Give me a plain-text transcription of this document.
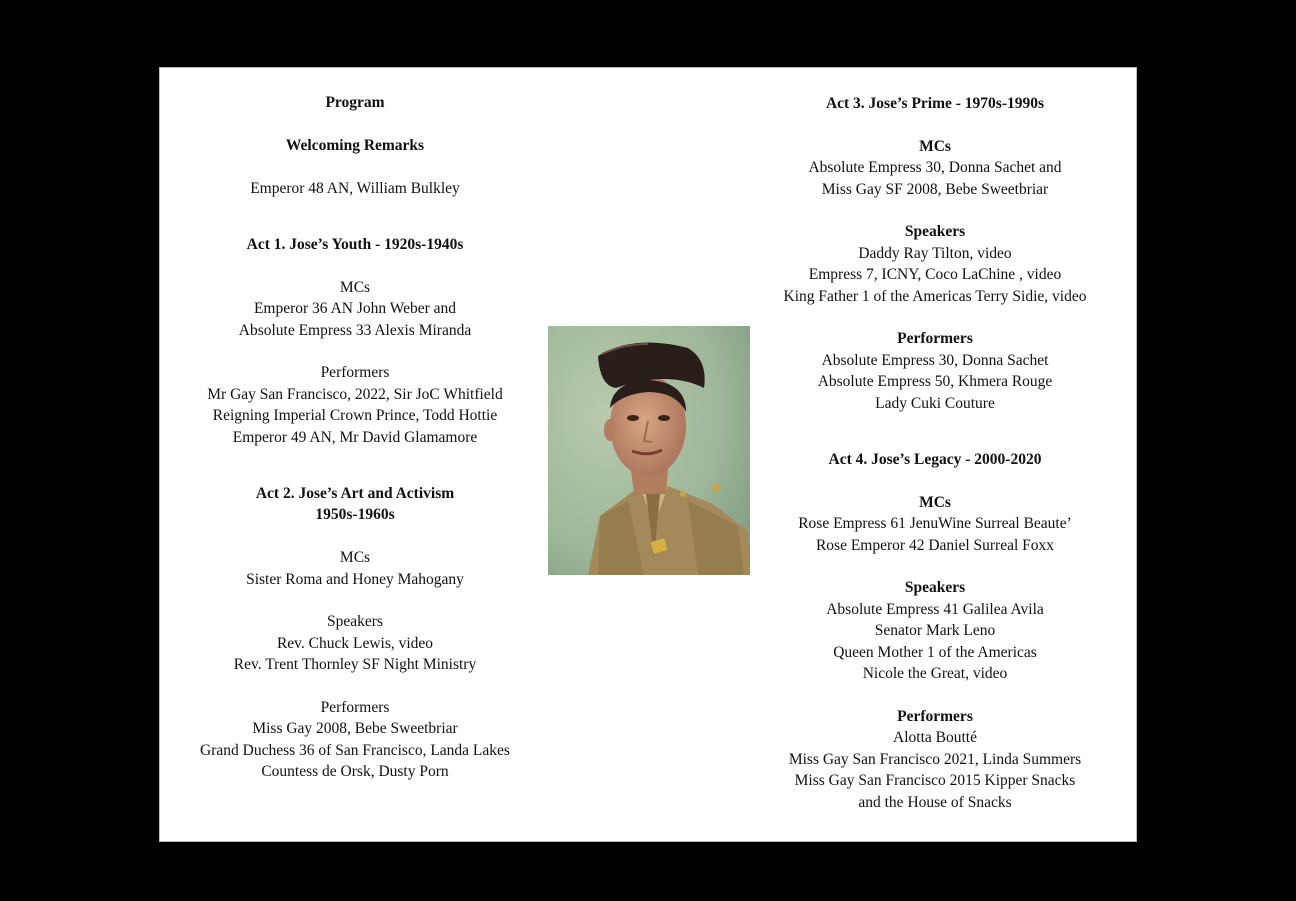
Program

Welcoming Remarks

Emperor 48 AN, William Bulkley

Act 1. Jose’s Youth - 1920s-1940s

MCs

Emperor 36 AN John Weber and

Absolute Empress 33 Alexis Miranda

Performers

Mr Gay San Francisco, 2022, Sir JoC Whitfield

Reigning Imperial Crown Prince, Todd Hottie

Emperor 49 AN, Mr David Glamamore

Act 2. Jose’s Art and Activism

1950s-1960s

MCs

Sister Roma and Honey Mahogany

Speakers

Rev. Chuck Lewis, video

Rev. Trent Thornley SF Night Ministry

Performers

Miss Gay 2008, Bebe Sweetbriar

Grand Duchess 36 of San Francisco, Landa Lakes

Countess de Orsk, Dusty Porn

Act 3. Jose’s Prime - 1970s-1990s

MCs

Absolute Empress 30, Donna Sachet and

Miss Gay SF 2008, Bebe Sweetbriar

Speakers

Daddy Ray Tilton, video

Empress 7, ICNY, Coco LaChine , video

King Father 1 of the Americas Terry Sidie, video

Performers

Absolute Empress 30, Donna Sachet

Absolute Empress 50, Khmera Rouge

Lady Cuki Couture

Act 4. Jose’s Legacy - 2000-2020

MCs

Rose Empress 61 JenuWine Surreal Beaute’

Rose Emperor 42 Daniel Surreal Foxx

Speakers

Absolute Empress 41 Galilea Avila

Senator Mark Leno

Queen Mother 1 of the Americas

Nicole the Great, video

Performers

Alotta Boutté

Miss Gay San Francisco 2021, Linda Summers

Miss Gay San Francisco 2015 Kipper Snacks

and the House of Snacks
